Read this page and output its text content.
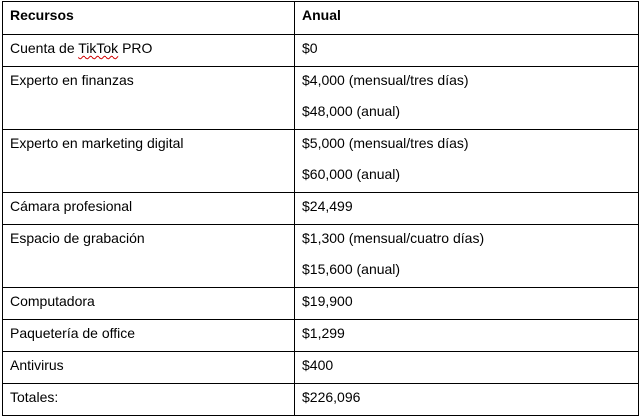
Recursos	Anual
Cuenta de TikTok PRO	$0
Experto en finanzas	$4,000 (mensual/tres días)
$48,000 (anual)

Experto en marketing digital	$5,000 (mensual/tres días)
$60,000 (anual)

Cámara profesional	$24,499
Espacio de grabación	$1,300 (mensual/cuatro días)
$15,600 (anual)

Computadora	$19,900
Paquetería de office	$1,299
Antivirus	$400
Totales:	$226,096
